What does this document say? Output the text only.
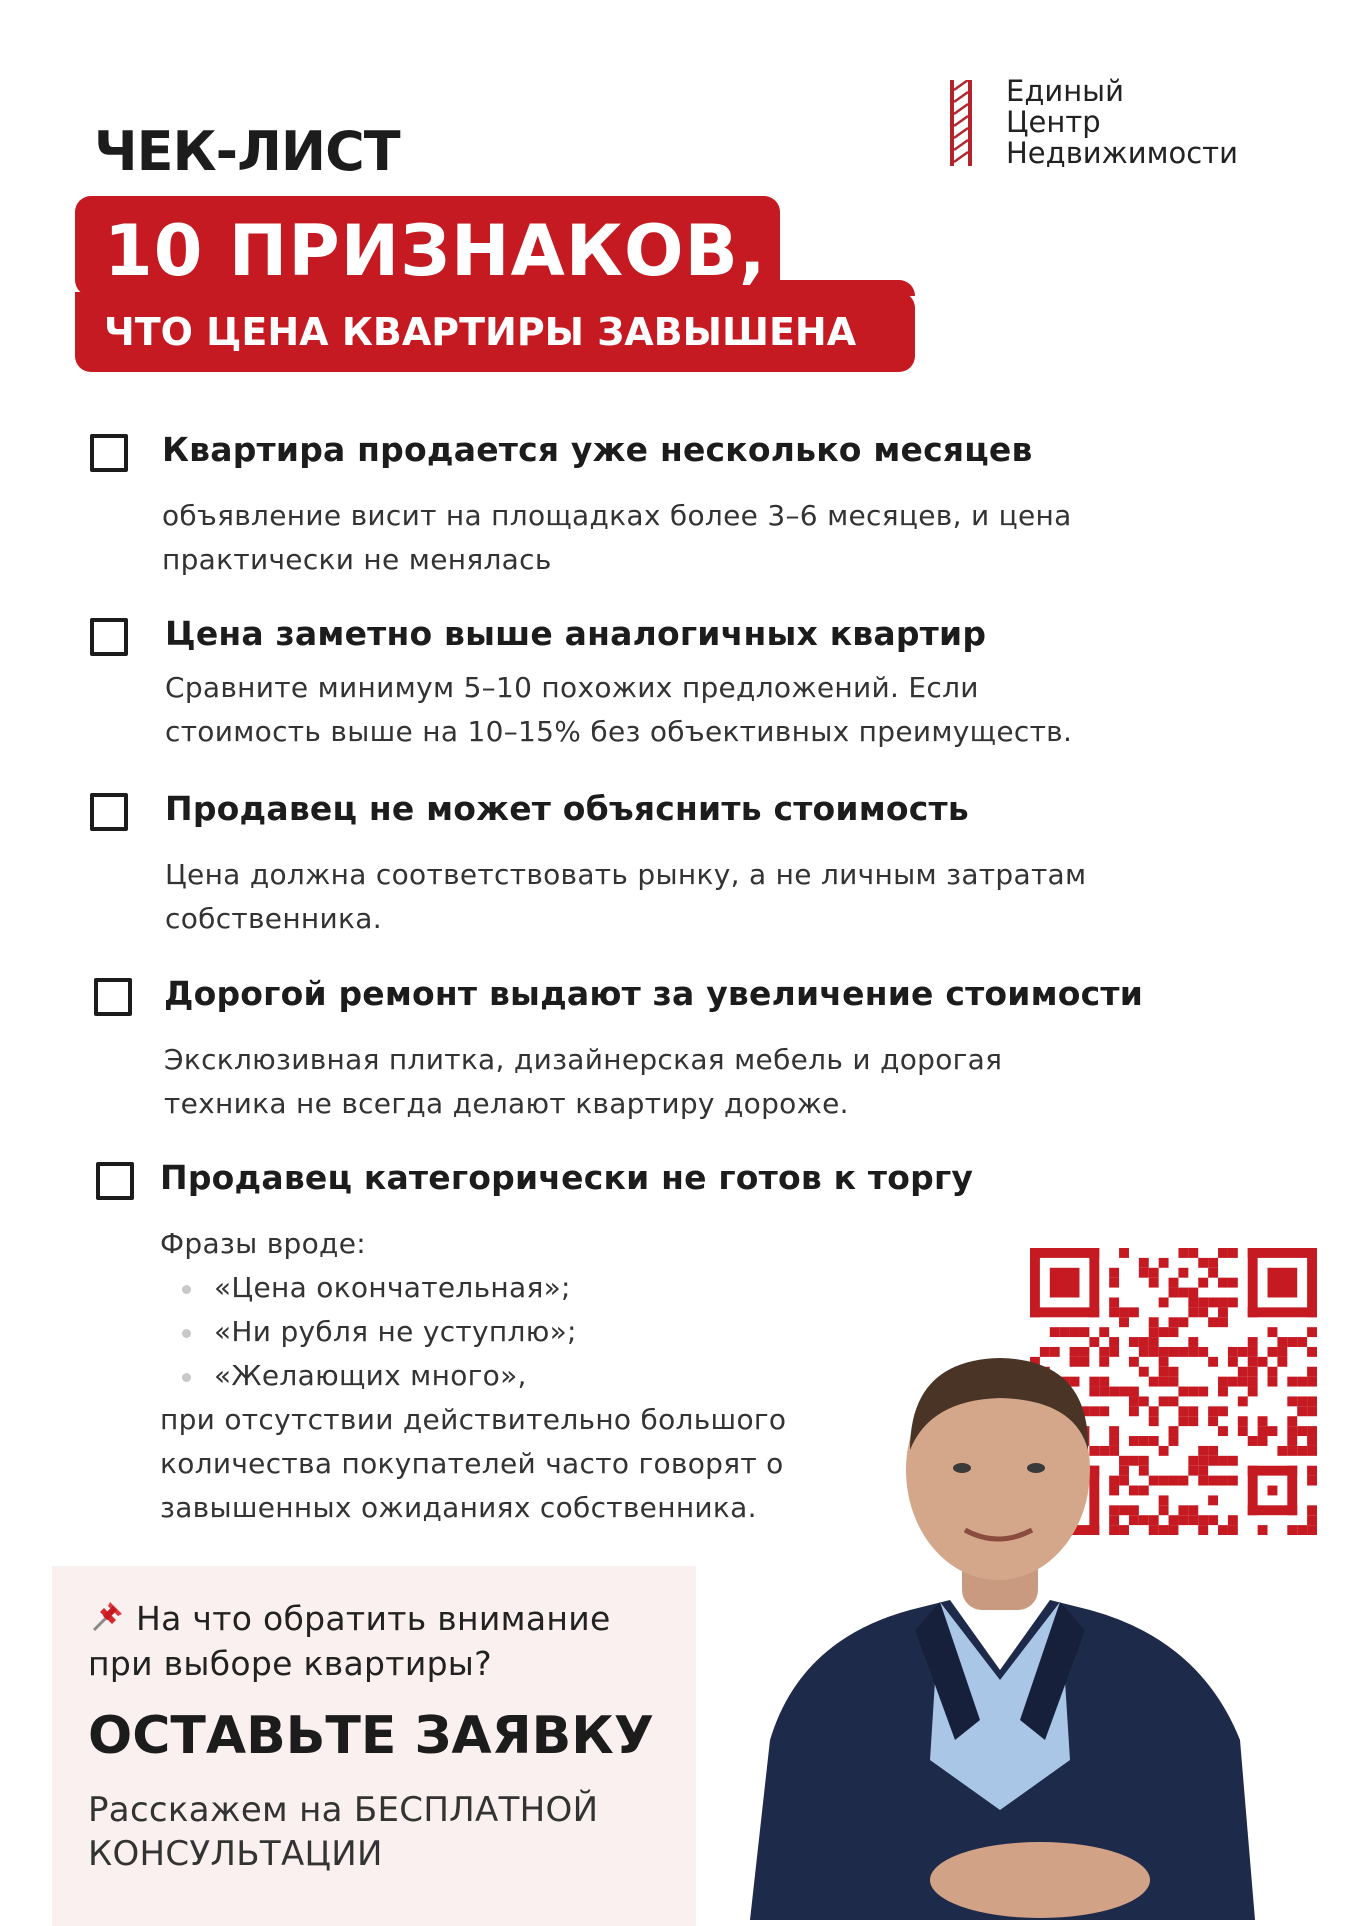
Единый
Центр
Недвижимости
ЧЕК-ЛИСТ
10 ПРИЗНАКОВ,
ЧТО ЦЕНА КВАРТИРЫ ЗАВЫШЕНА
Квартира продается уже несколько месяцев
объявление висит на площадках более 3–6 месяцев, и цена
практически не менялась
Цена заметно выше аналогичных квартир
Сравните минимум 5–10 похожих предложений. Если
стоимость выше на 10–15% без объективных преимуществ.
Продавец не может объяснить стоимость
Цена должна соответствовать рынку, а не личным затратам
собственника.
Дорогой ремонт выдают за увеличение стоимости
Эксклюзивная плитка, дизайнерская мебель и дорогая
техника не всегда делают квартиру дороже.
Продавец категорически не готов к торгу
Фразы вроде:
«Цена окончательная»;
«Ни рубля не уступлю»;
«Желающих много»,
при отсутствии действительно большого
количества покупателей часто говорят о
завышенных ожиданиях собственника.
На что обратить внимание
при выборе квартиры?
ОСТАВЬТЕ ЗАЯВКУ
Расскажем на БЕСПЛАТНОЙ
КОНСУЛЬТАЦИИ
